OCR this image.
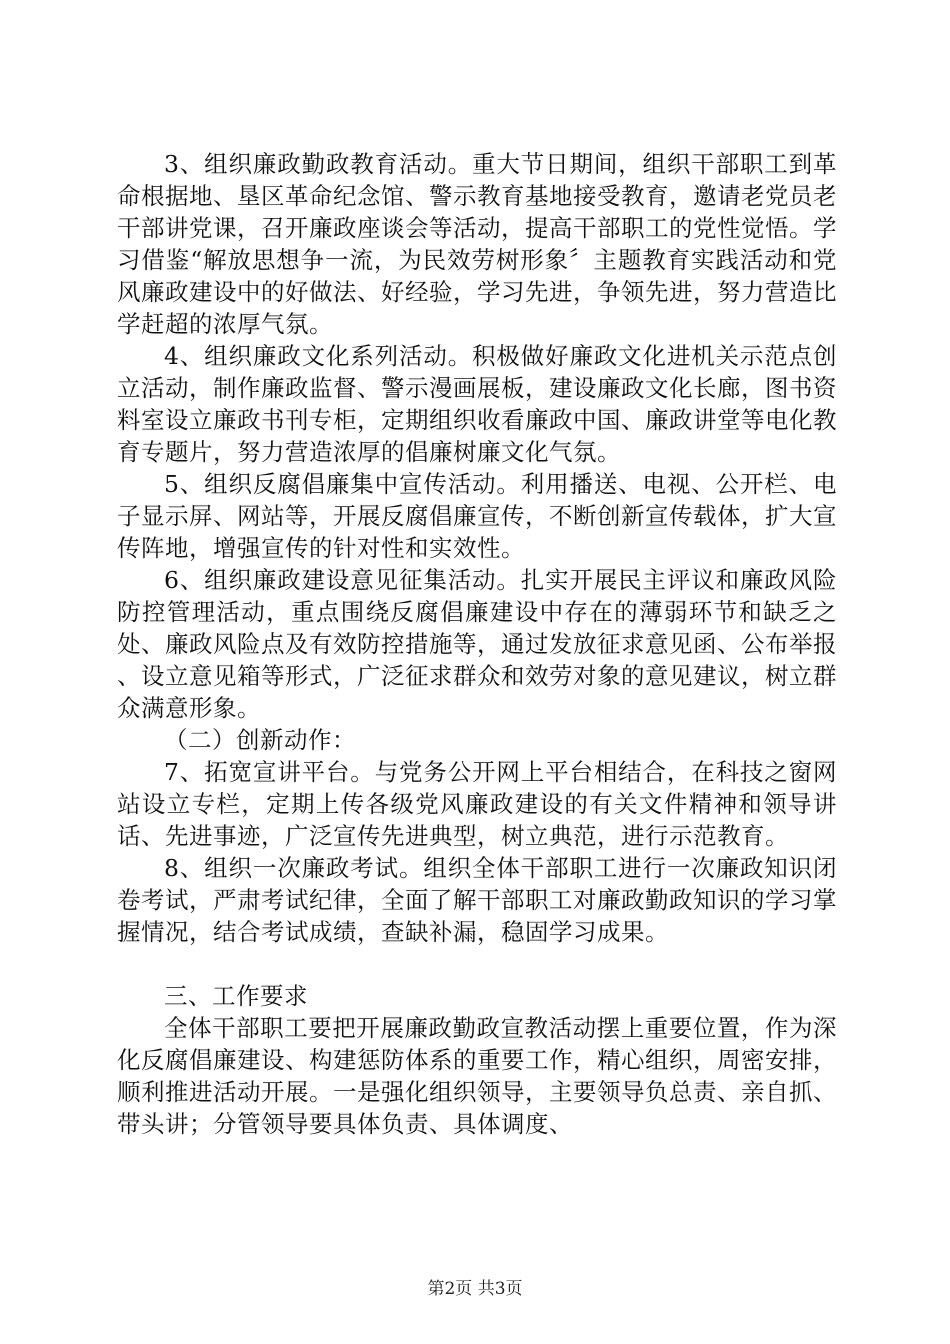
3、组织廉政勤政教育活动。重大节日期间，组织干部职工到革命根据地、垦区革命纪念馆、警示教育基地接受教育，邀请老党员老干部讲党课，召开廉政座谈会等活动，提高干部职工的党性觉悟。学习借鉴“解放思想争一流，为民效劳树形象〞主题教育实践活动和党风廉政建设中的好做法、好经验，学习先进，争领先进，努力营造比学赶超的浓厚气氛。

4、组织廉政文化系列活动。积极做好廉政文化进机关示范点创立活动，制作廉政监督、警示漫画展板，建设廉政文化长廊，图书资料室设立廉政书刊专柜，定期组织收看廉政中国、廉政讲堂等电化教育专题片，努力营造浓厚的倡廉树廉文化气氛。

5、组织反腐倡廉集中宣传活动。利用播送、电视、公开栏、电子显示屏、网站等，开展反腐倡廉宣传，不断创新宣传载体，扩大宣传阵地，增强宣传的针对性和实效性。

6、组织廉政建设意见征集活动。扎实开展民主评议和廉政风险防控管理活动，重点围绕反腐倡廉建设中存在的薄弱环节和缺乏之处、廉政风险点及有效防控措施等，通过发放征求意见函、公布举报　　、设立意见箱等形式，广泛征求群众和效劳对象的意见建议，树立群众满意形象。

（二）创新动作：

7、拓宽宣讲平台。与党务公开网上平台相结合，在科技之窗网站设立专栏，定期上传各级党风廉政建设的有关文件精神和领导讲话、先进事迹，广泛宣传先进典型，树立典范，进行示范教育。

8、组织一次廉政考试。组织全体干部职工进行一次廉政知识闭卷考试，严肃考试纪律，全面了解干部职工对廉政勤政知识的学习掌握情况，结合考试成绩，查缺补漏，稳固学习成果。

三、工作要求

全体干部职工要把开展廉政勤政宣教活动摆上重要位置，作为深化反腐倡廉建设、构建惩防体系的重要工作，精心组织，周密安排，顺利推进活动开展。一是强化组织领导，主要领导负总责、亲自抓、带头讲；分管领导要具体负责、具体调度、

第2页 共3页
